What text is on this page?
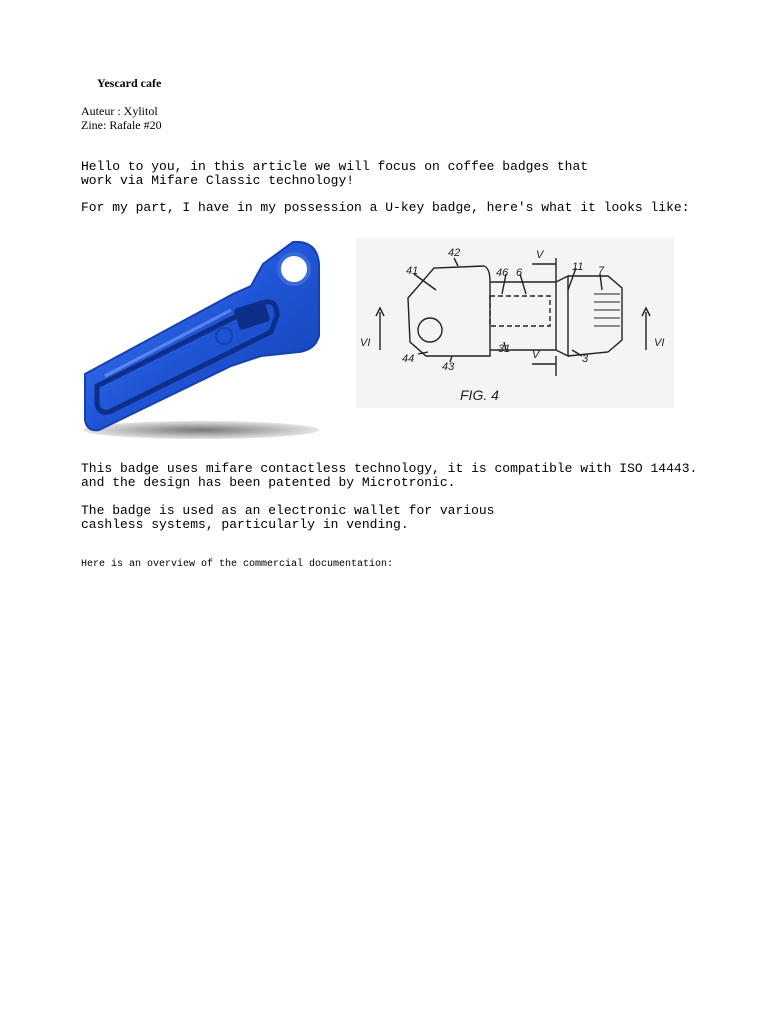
Yescard cafe
Auteur : Xylitol
Zine: Rafale #20
Hello to you, in this article we will focus on coffee badges that
work via Mifare Classic technology!
For my part, I have in my possession a U-key badge, here's what it looks like:
42	V
41	46 6	11 7
VI
44
43
31 V	3
VI
FIG. 4
This badge uses mifare contactless technology, it is compatible with ISO 14443.
and the design has been patented by Microtronic.
The badge is used as an electronic wallet for various
cashless systems, particularly in vending.
Here is an overview of the commercial documentation:
